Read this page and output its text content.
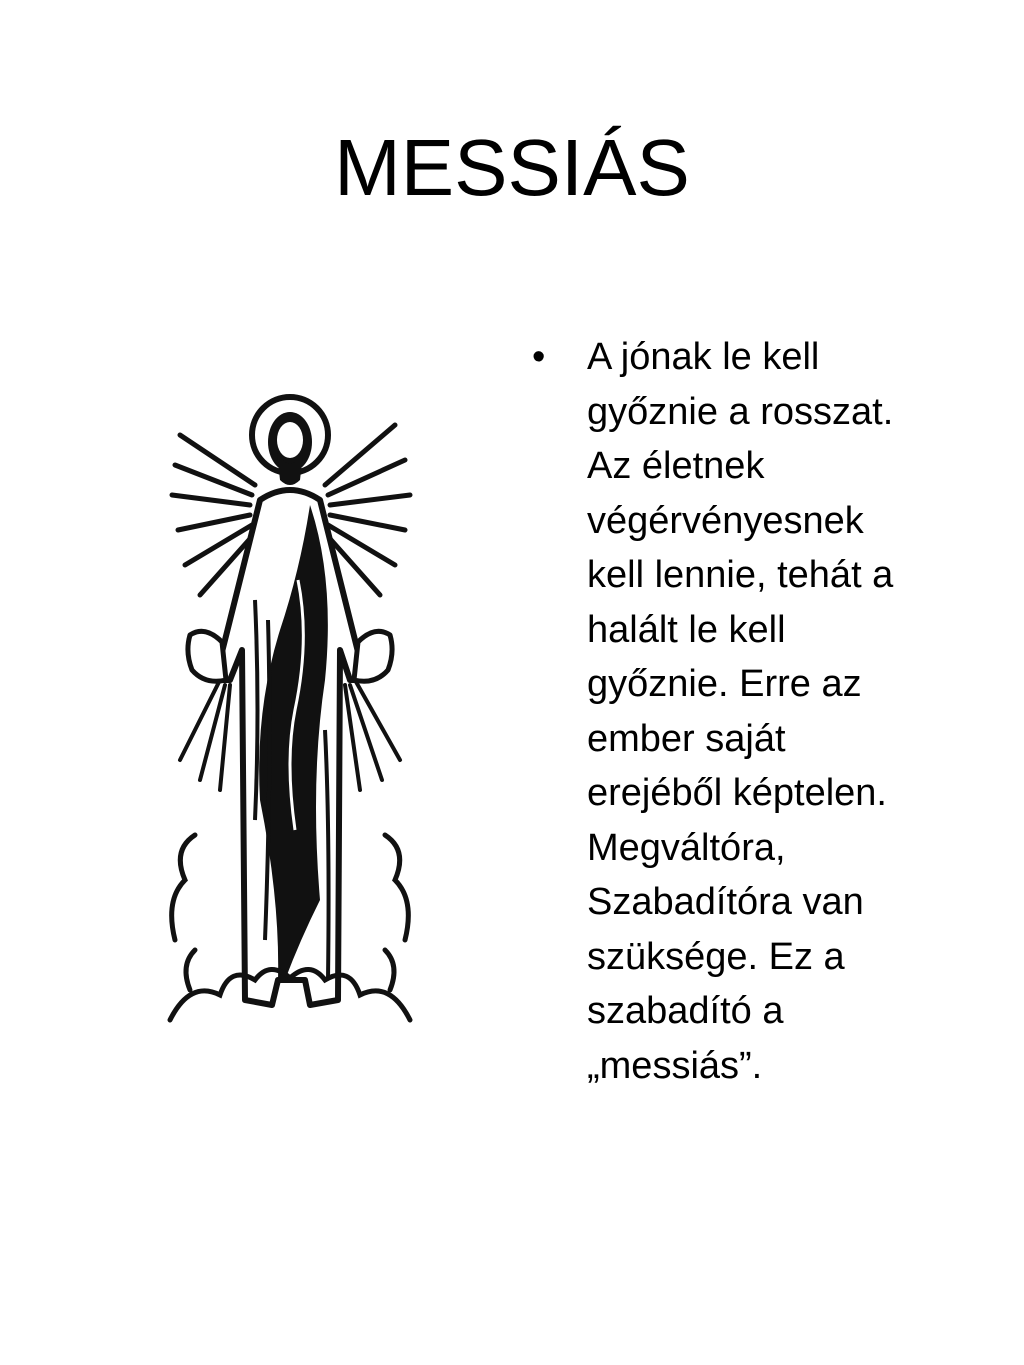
MESSIÁS
•	A jónak le kell
győznie a rosszat.
Az életnek
végérvényesnek
kell lennie, tehát a
halált le kell
győznie. Erre az
ember saját
erejéből képtelen.
Megváltóra,
Szabadítóra van
szüksége. Ez a
szabadító a
„messiás”.
